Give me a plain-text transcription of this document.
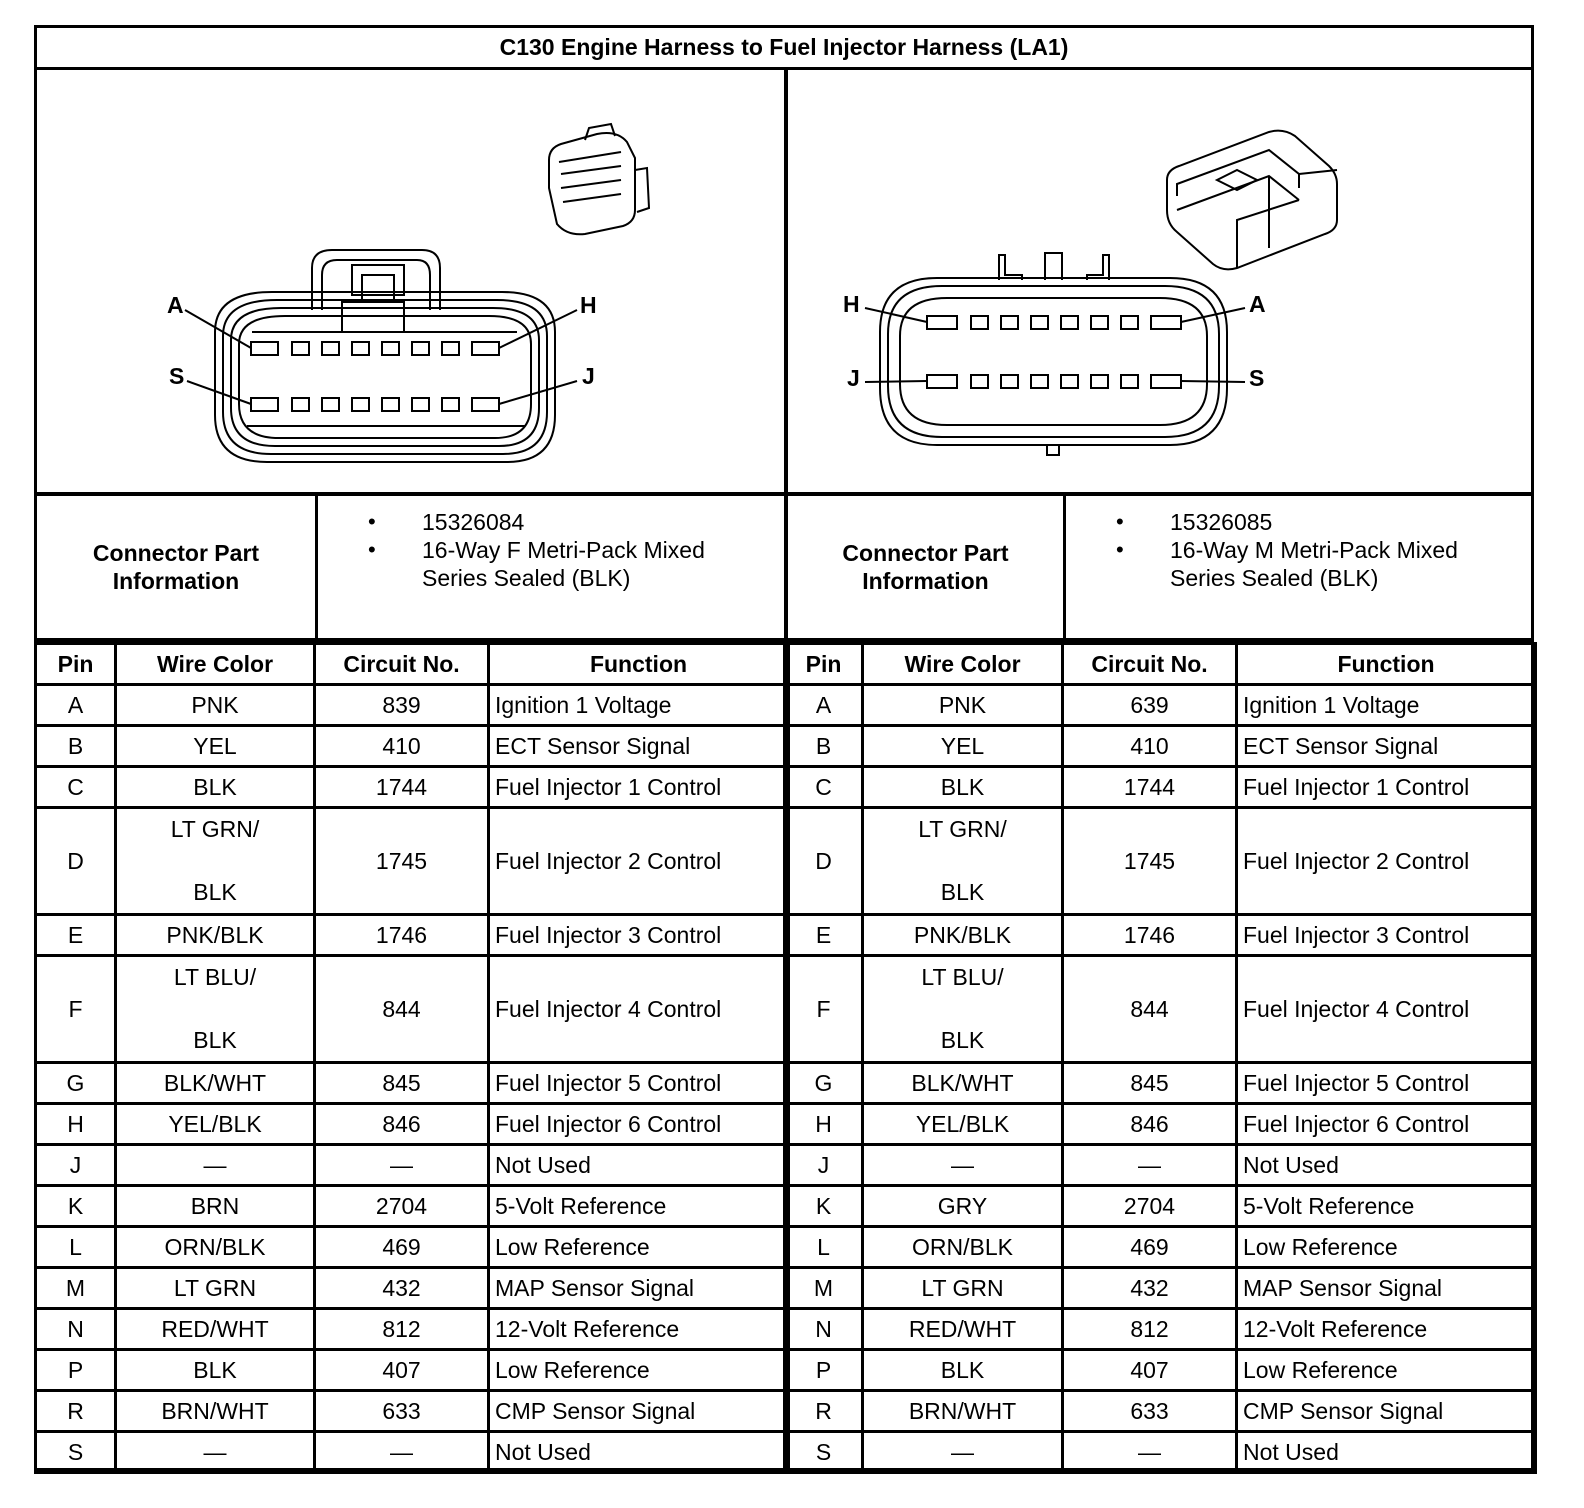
C130 Engine Harness to Fuel Injector Harness (LA1)
A	H
S	J
H	A
J	S
Connector Part
Information
• 15326084
• 16-Way F Metri-Pack Mixed
Series Sealed (BLK)
Connector Part
Information
• 15326085
• 16-Way M Metri-Pack Mixed
Series Sealed (BLK)
Pin	Wire Color	Circuit No.	Function
A	PNK	839	Ignition 1 Voltage
B	YEL	410	ECT Sensor Signal
C	BLK	1744	Fuel Injector 1 Control
D	LT GRN/
BLK	1745	Fuel Injector 2 Control
E	PNK/BLK	1746	Fuel Injector 3 Control
F	LT BLU/
BLK	844	Fuel Injector 4 Control
G	BLK/WHT	845	Fuel Injector 5 Control
H	YEL/BLK	846	Fuel Injector 6 Control
J	—	—	Not Used
K	BRN	2704	5-Volt Reference
L	ORN/BLK	469	Low Reference
M	LT GRN	432	MAP Sensor Signal
N	RED/WHT	812	12-Volt Reference
P	BLK	407	Low Reference
R	BRN/WHT	633	CMP Sensor Signal
S	—	—	Not Used
Pin	Wire Color	Circuit No.	Function
A	PNK	639	Ignition 1 Voltage
B	YEL	410	ECT Sensor Signal
C	BLK	1744	Fuel Injector 1 Control
D	LT GRN/
BLK	1745	Fuel Injector 2 Control
E	PNK/BLK	1746	Fuel Injector 3 Control
F	LT BLU/
BLK	844	Fuel Injector 4 Control
G	BLK/WHT	845	Fuel Injector 5 Control
H	YEL/BLK	846	Fuel Injector 6 Control
J	—	—	Not Used
K	GRY	2704	5-Volt Reference
L	ORN/BLK	469	Low Reference
M	LT GRN	432	MAP Sensor Signal
N	RED/WHT	812	12-Volt Reference
P	BLK	407	Low Reference
R	BRN/WHT	633	CMP Sensor Signal
S	—	—	Not Used
